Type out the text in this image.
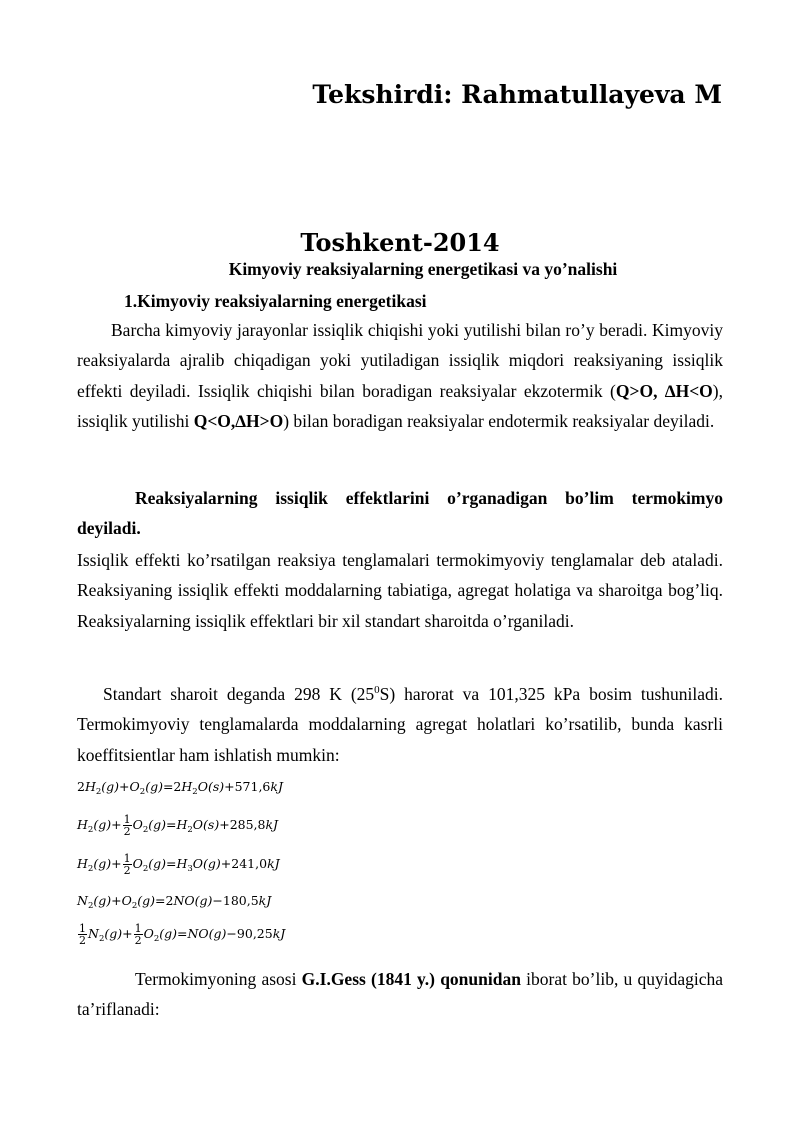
Tekshirdi: Rahmatullayeva M
Toshkent-2014
Kimyoviy reaksiyalarning energetikasi va yo’nalishi
1.Kimyoviy reaksiyalarning energetikasi

Barcha kimyoviy jarayonlar issiqlik chiqishi yoki yutilishi bilan ro’y beradi. Kimyoviy reaksiyalarda ajralib chiqadigan yoki yutiladigan issiqlik miqdori reaksiyaning issiqlik effekti deyiladi. Issiqlik chiqishi bilan boradigan reaksiyalar ekzotermik (Q>O, ∆H<O), issiqlik yutilishi Q<O,∆H>O) bilan boradigan reaksiyalar endotermik reaksiyalar deyiladi.

Reaksiyalarning issiqlik effektlarini o’rganadigan bo’lim termokimyo deyiladi.

Issiqlik effekti ko’rsatilgan reaksiya tenglamalari termokimyoviy tenglamalar deb ataladi. Reaksiyaning issiqlik effekti moddalarning tabiatiga, agregat holatiga va sharoitga bog’liq. Reaksiyalarning issiqlik effektlari bir xil standart sharoitda o’rganiladi.

Standart sharoit deganda 298 K $(25^0S)$ harorat va 101,325 kPa bosim tushuniladi. Termokimyoviy tenglamalarda moddalarning agregat holatlari ko’rsatilib, bunda kasrli koeffitsientlar ham ishlatish mumkin:

$2H_2(g)+O_2(g)=2H_2O(s)+571,6kJ$
$H_2(g)+ \frac{1}{2} O_2(g)=H_2O(s)+285,8kJ$
$H_2(g)+ \frac{1}{2} O_2(g)=H_3O(g)+241,0kJ$
$N_2(g)+O_2(g)=2NO(g)-180,5kJ$
$\frac{1}{2} N_2(g)+ \frac{1}{2} O_2(g)=NO(g)-90,25kJ$

Termokimyoning asosi G.I.Gess (1841 y.) qonunidan iborat bo’lib, u quyidagicha ta’riflanadi:
